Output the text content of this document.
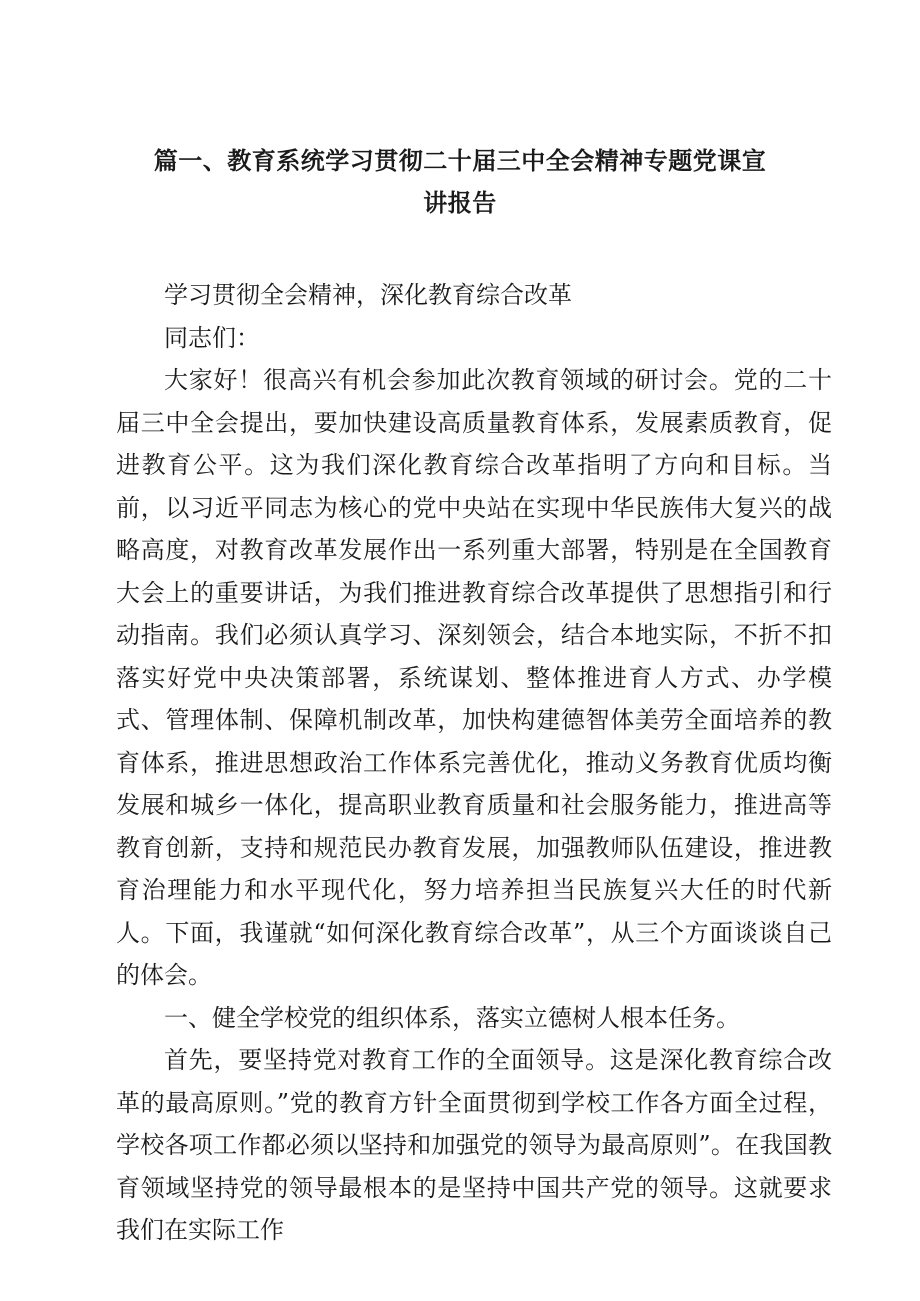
篇一、教育系统学习贯彻二十届三中全会精神专题党课宣
讲报告

学习贯彻全会精神，深化教育综合改革

同志们：

大家好！很高兴有机会参加此次教育领域的研讨会。党的二十届三中全会提出，要加快建设高质量教育体系，发展素质教育，促进教育公平。这为我们深化教育综合改革指明了方向和目标。当前，以习近平同志为核心的党中央站在实现中华民族伟大复兴的战略高度，对教育改革发展作出一系列重大部署，特别是在全国教育大会上的重要讲话，为我们推进教育综合改革提供了思想指引和行动指南。我们必须认真学习、深刻领会，结合本地实际，不折不扣落实好党中央决策部署，系统谋划、整体推进育人方式、办学模式、管理体制、保障机制改革，加快构建德智体美劳全面培养的教育体系，推进思想政治工作体系完善优化，推动义务教育优质均衡发展和城乡一体化，提高职业教育质量和社会服务能力，推进高等教育创新，支持和规范民办教育发展，加强教师队伍建设，推进教育治理能力和水平现代化，努力培养担当民族复兴大任的时代新人。下面，我谨就“如何深化教育综合改革”，从三个方面谈谈自己的体会。

一、健全学校党的组织体系，落实立德树人根本任务。

首先，要坚持党对教育工作的全面领导。这是深化教育综合改革的最高原则。”党的教育方针全面贯彻到学校工作各方面全过程，学校各项工作都必须以坚持和加强党的领导为最高原则”。在我国教育领域坚持党的领导最根本的是坚持中国共产党的领导。这就要求我们在实际工作
